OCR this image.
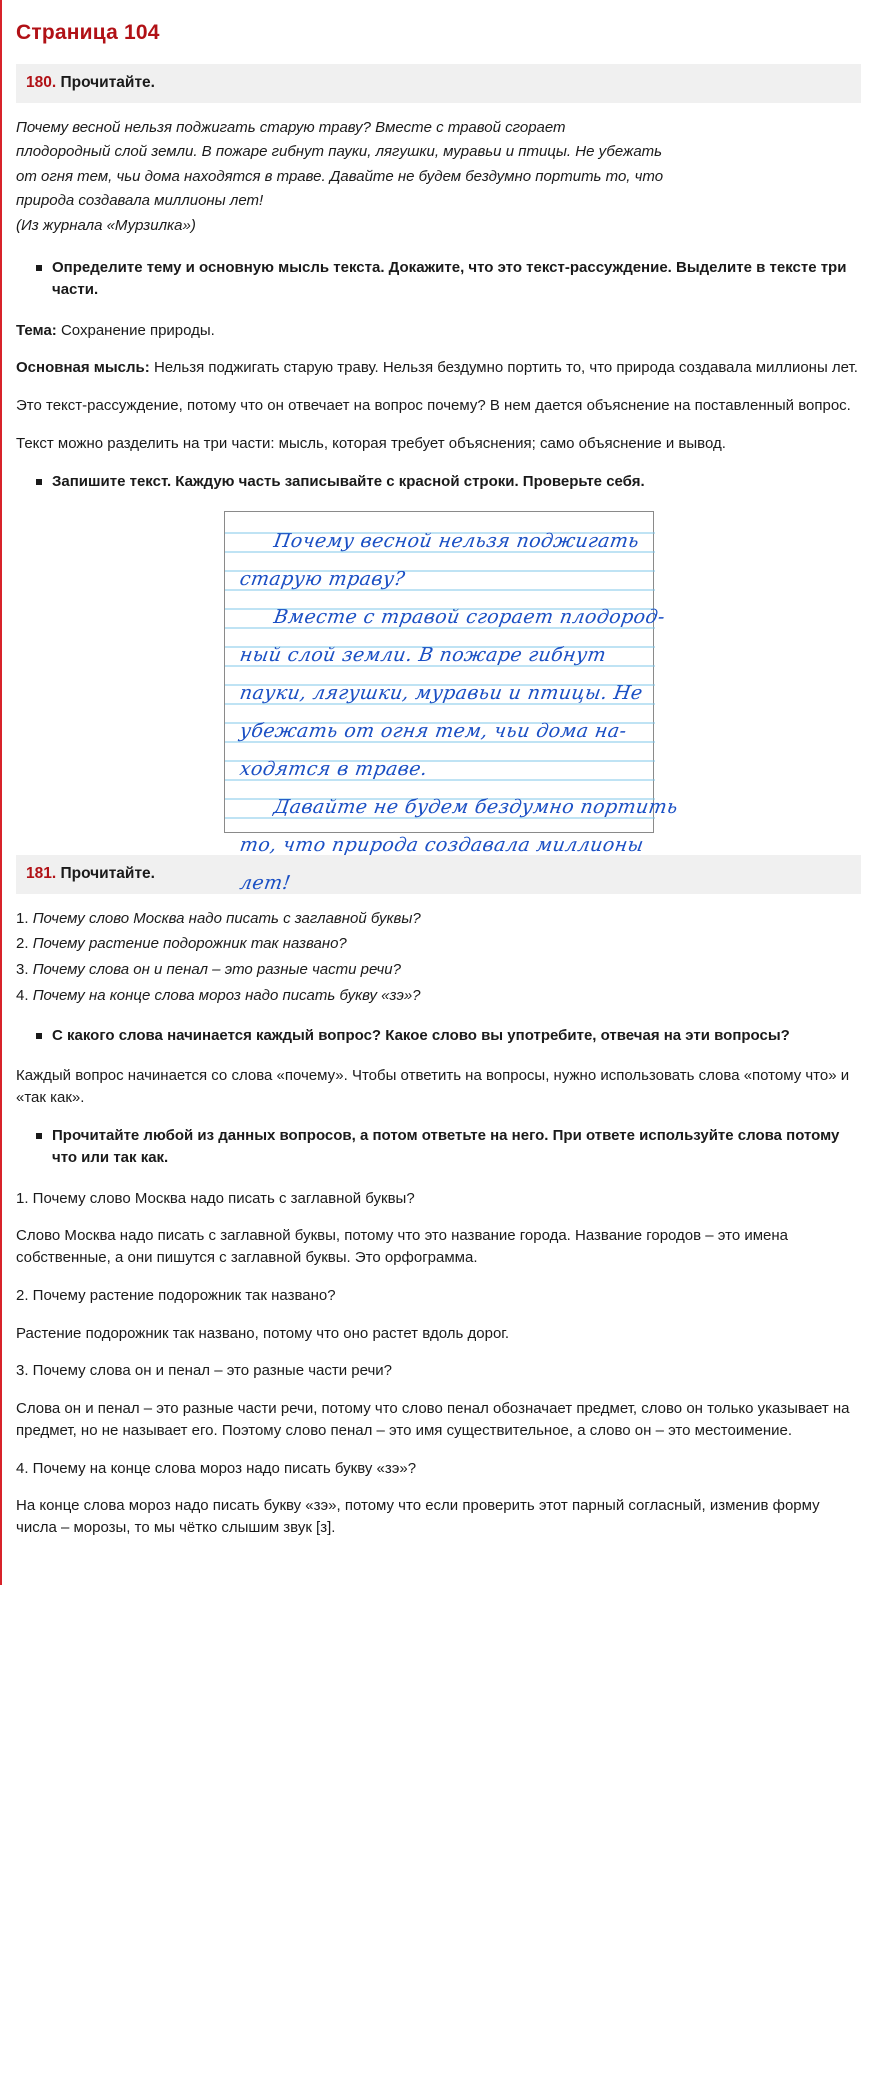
Страница 104
180. Прочитайте.

Почему весной нельзя поджигать старую траву? Вместе с травой сгорает

плодородный слой земли. В пожаре гибнут пауки, лягушки, муравьи и птицы. Не убежать

от огня тем, чьи дома находятся в траве. Давайте не будем бездумно портить то, что

природа создавала миллионы лет!

(Из журнала «Мурзилка»)

Определите тему и основную мысль текста. Докажите, что это текст-рассуждение. Выделите в тексте три части.

Тема: Сохранение природы.

Основная мысль: Нельзя поджигать старую траву. Нельзя бездумно портить то, что природа создавала миллионы лет.

Это текст-рассуждение, потому что он отвечает на вопрос почему? В нем дается объяснение на поставленный вопрос.

Текст можно разделить на три части: мысль, которая требует объяснения; само объяснение и вывод.

Запишите текст. Каждую часть записывайте с красной строки. Проверьте себя.
Почему весной нельзя поджигать
старую траву?
Вместе с травой сгорает плодород-
ный слой земли. В пожаре гибнут
пауки, лягушки, муравьи и птицы. Не
убежать от огня тем, чьи дома на-
ходятся в траве.
Давайте не будем бездумно портить
то, что природа создавала миллионы
лет!
181. Прочитайте.

1. Почему слово Москва надо писать с заглавной буквы?

2. Почему растение подорожник так названо?

3. Почему слова он и пенал – это разные части речи?

4. Почему на конце слова мороз надо писать букву «зэ»?

С какого слова начинается каждый вопрос? Какое слово вы употребите, отвечая на эти вопросы?

Каждый вопрос начинается со слова «почему». Чтобы ответить на вопросы, нужно использовать слова «потому что» и «так как».

Прочитайте любой из данных вопросов, а потом ответьте на него. При ответе используйте слова потому что или так как.

1. Почему слово Москва надо писать с заглавной буквы?

Слово Москва надо писать с заглавной буквы, потому что это название города. Название городов – это имена собственные, а они пишутся с заглавной буквы. Это орфограмма.

2. Почему растение подорожник так названо?

Растение подорожник так названо, потому что оно растет вдоль дорог.

3. Почему слова он и пенал – это разные части речи?

Слова он и пенал – это разные части речи, потому что слово пенал обозначает предмет, слово он только указывает на предмет, но не называет его. Поэтому слово пенал – это имя существительное, а слово он – это местоимение.

4. Почему на конце слова мороз надо писать букву «зэ»?

На конце слова мороз надо писать букву «зэ», потому что если проверить этот парный согласный, изменив форму числа – морозы, то мы чётко слышим звук [з].
